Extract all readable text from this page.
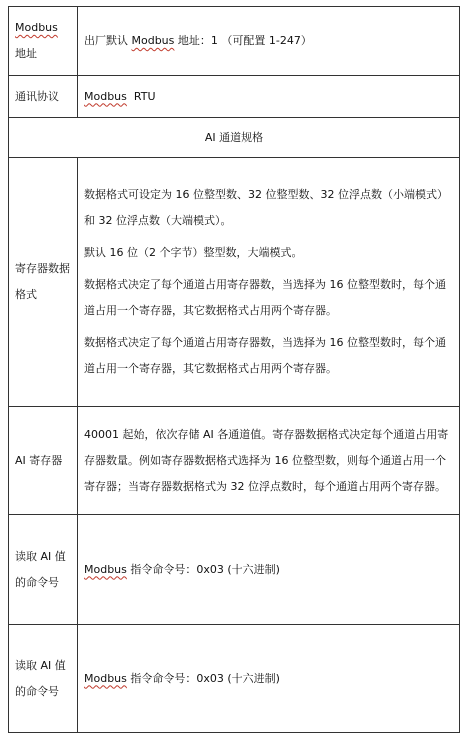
Modbus 地址	出厂默认 Modbus 地址：1 （可配置 1-247）
通讯协议	Modbus  RTU
AI 通道规格	
寄存器数据格式	数据格式可设定为 16 位整型数、32 位整型数、32 位浮点数（小端模式）和 32 位浮点数（大端模式）。

默认 16 位（2 个字节）整型数，大端模式。

数据格式决定了每个通道占用寄存器数，当选择为 16 位整型数时，每个通道占用一个寄存器，其它数据格式占用两个寄存器。

数据格式决定了每个通道占用寄存器数，当选择为 16 位整型数时，每个通道占用一个寄存器，其它数据格式占用两个寄存器。

AI 寄存器	40001 起始，依次存储 AI 各通道值。寄存器数据格式决定每个通道占用寄存器数量。例如寄存器数据格式选择为 16 位整型数，则每个通道占用一个寄存器；当寄存器数据格式为 32 位浮点数时，每个通道占用两个寄存器。
读取 AI 值的命令号	Modbus 指令命令号：0x03 (十六进制)
读取 AI 值的命令号	Modbus 指令命令号：0x03 (十六进制)
